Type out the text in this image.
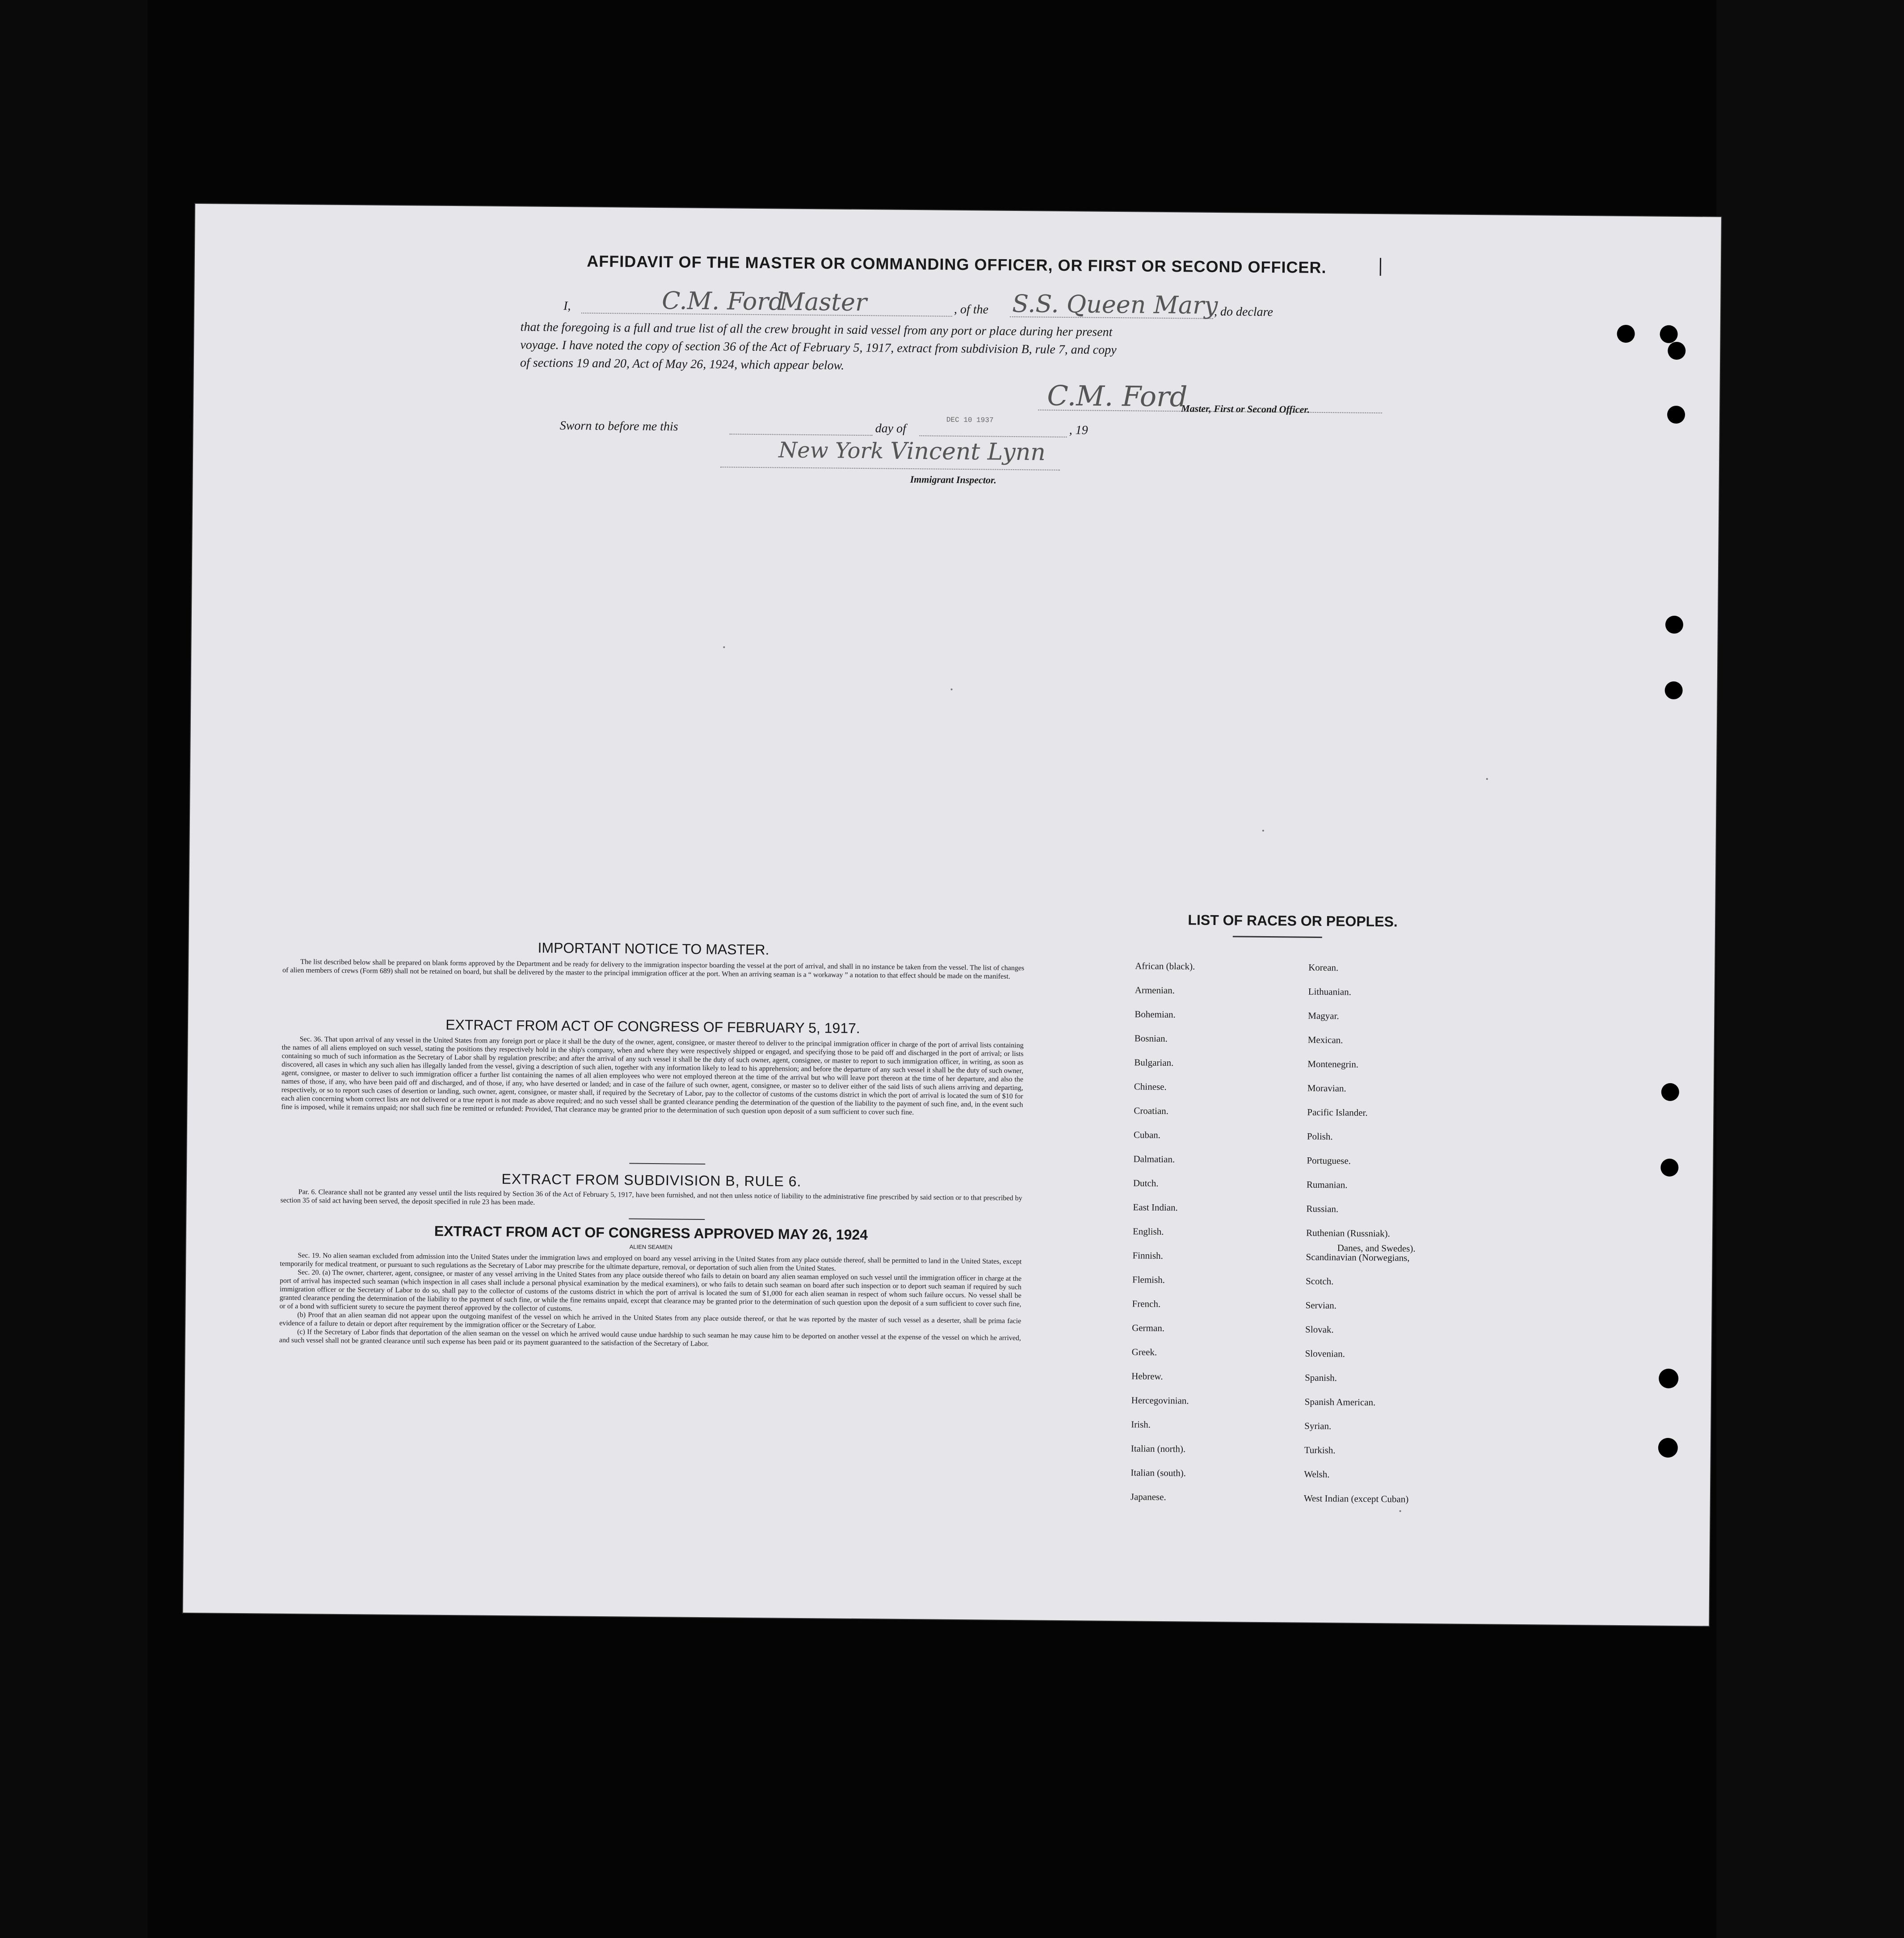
AFFIDAVIT OF THE MASTER OR COMMANDING OFFICER, OR FIRST OR SECOND OFFICER.
I,	C.M. Ford
Master	, of the S.S. Queen Mary
, do declare
that the foregoing is a full and true list of all the crew brought in said vessel from any port or place during her present
voyage. I have noted the copy of section 36 of the Act of February 5, 1917, extract from subdivision B, rule 7, and copy
of sections 19 and 20, Act of May 26, 1924, which appear below.
C.M. Ford
Master, First or Second Officer.
Sworn to before me this	day of
DEC 10 1937
, 19
New York Vincent Lynn
Immigrant Inspector.
IMPORTANT NOTICE TO MASTER.

The list described below shall be prepared on blank forms approved by the Department and be ready for delivery to the immigration inspector boarding the vessel at the port of arrival, and shall in no instance be taken from the vessel. The list of changes of alien members of crews (Form 689) shall not be retained on board, but shall be delivered by the master to the principal immigration officer at the port. When an arriving seaman is a “ workaway ” a notation to that effect should be made on the manifest.

EXTRACT FROM ACT OF CONGRESS OF FEBRUARY 5, 1917.

Sec. 36. That upon arrival of any vessel in the United States from any foreign port or place it shall be the duty of the owner, agent, consignee, or master thereof to deliver to the principal immigration officer in charge of the port of arrival lists containing the names of all aliens employed on such vessel, stating the positions they respectively hold in the ship's company, when and where they were respectively shipped or engaged, and specifying those to be paid off and discharged in the port of arrival; or lists containing so much of such information as the Secretary of Labor shall by regulation prescribe; and after the arrival of any such vessel it shall be the duty of such owner, agent, consignee, or master to report to such immigration officer, in writing, as soon as discovered, all cases in which any such alien has illegally landed from the vessel, giving a description of such alien, together with any information likely to lead to his apprehension; and before the departure of any such vessel it shall be the duty of such owner, agent, consignee, or master to deliver to such immigration officer a further list containing the names of all alien employees who were not employed thereon at the time of the arrival but who will leave port thereon at the time of her departure, and also the names of those, if any, who have been paid off and discharged, and of those, if any, who have deserted or landed; and in case of the failure of such owner, agent, consignee, or master so to deliver either of the said lists of such aliens arriving and departing, respectively, or so to report such cases of desertion or landing, such owner, agent, consignee, or master shall, if required by the Secretary of Labor, pay to the collector of customs of the customs district in which the port of arrival is located the sum of $10 for each alien concerning whom correct lists are not delivered or a true report is not made as above required; and no such vessel shall be granted clearance pending the determination of the question of the liability to the payment of such fine, and, in the event such fine is imposed, while it remains unpaid; nor shall such fine be remitted or refunded: Provided, That clearance may be granted prior to the determination of such question upon deposit of a sum sufficient to cover such fine.

EXTRACT FROM SUBDIVISION B, RULE 6.

Par. 6. Clearance shall not be granted any vessel until the lists required by Section 36 of the Act of February 5, 1917, have been furnished, and not then unless notice of liability to the administrative fine prescribed by said section or to that prescribed by section 35 of said act having been served, the deposit specified in rule 23 has been made.

EXTRACT FROM ACT OF CONGRESS APPROVED MAY 26, 1924
ALIEN SEAMEN

Sec. 19. No alien seaman excluded from admission into the United States under the immigration laws and employed on board any vessel arriving in the United States from any place outside thereof, shall be permitted to land in the United States, except temporarily for medical treatment, or pursuant to such regulations as the Secretary of Labor may prescribe for the ultimate departure, removal, or deportation of such alien from the United States.

Sec. 20. (a) The owner, charterer, agent, consignee, or master of any vessel arriving in the United States from any place outside thereof who fails to detain on board any alien seaman employed on such vessel until the immigration officer in charge at the port of arrival has inspected such seaman (which inspection in all cases shall include a personal physical examination by the medical examiners), or who fails to detain such seaman on board after such inspection or to deport such seaman if required by such immigration officer or the Secretary of Labor to do so, shall pay to the collector of customs of the customs district in which the port of arrival is located the sum of $1,000 for each alien seaman in respect of whom such failure occurs. No vessel shall be granted clearance pending the determination of the liability to the payment of such fine, or while the fine remains unpaid, except that clearance may be granted prior to the determination of such question upon the deposit of a sum sufficient to cover such fine, or of a bond with sufficient surety to secure the payment thereof approved by the collector of customs.

(b) Proof that an alien seaman did not appear upon the outgoing manifest of the vessel on which he arrived in the United States from any place outside thereof, or that he was reported by the master of such vessel as a deserter, shall be prima facie evidence of a failure to detain or deport after requirement by the immigration officer or the Secretary of Labor.

(c) If the Secretary of Labor finds that deportation of the alien seaman on the vessel on which he arrived would cause undue hardship to such seaman he may cause him to be deported on another vessel at the expense of the vessel on which he arrived, and such vessel shall not be granted clearance until such expense has been paid or its payment guaranteed to the satisfaction of the Secretary of Labor.

LIST OF RACES OR PEOPLES.
African (black).
Armenian.
Bohemian.
Bosnian.
Bulgarian.
Chinese.
Croatian.
Cuban.
Dalmatian.
Dutch.
East Indian.
English.
Finnish.
Flemish.
French.
German.
Greek.
Hebrew.
Hercegovinian.
Irish.
Italian (north).
Italian (south).
Japanese.
Korean.
Lithuanian.
Magyar.
Mexican.
Montenegrin.
Moravian.
Pacific Islander.
Polish.
Portuguese.
Rumanian.
Russian.
Ruthenian (Russniak).
Scandinavian (Norwegians,
Scotch.
Servian.
Slovak.
Slovenian.
Spanish.
Spanish American.
Syrian.
Turkish.
Welsh.
West Indian (except Cuban)
Danes, and Swedes).
